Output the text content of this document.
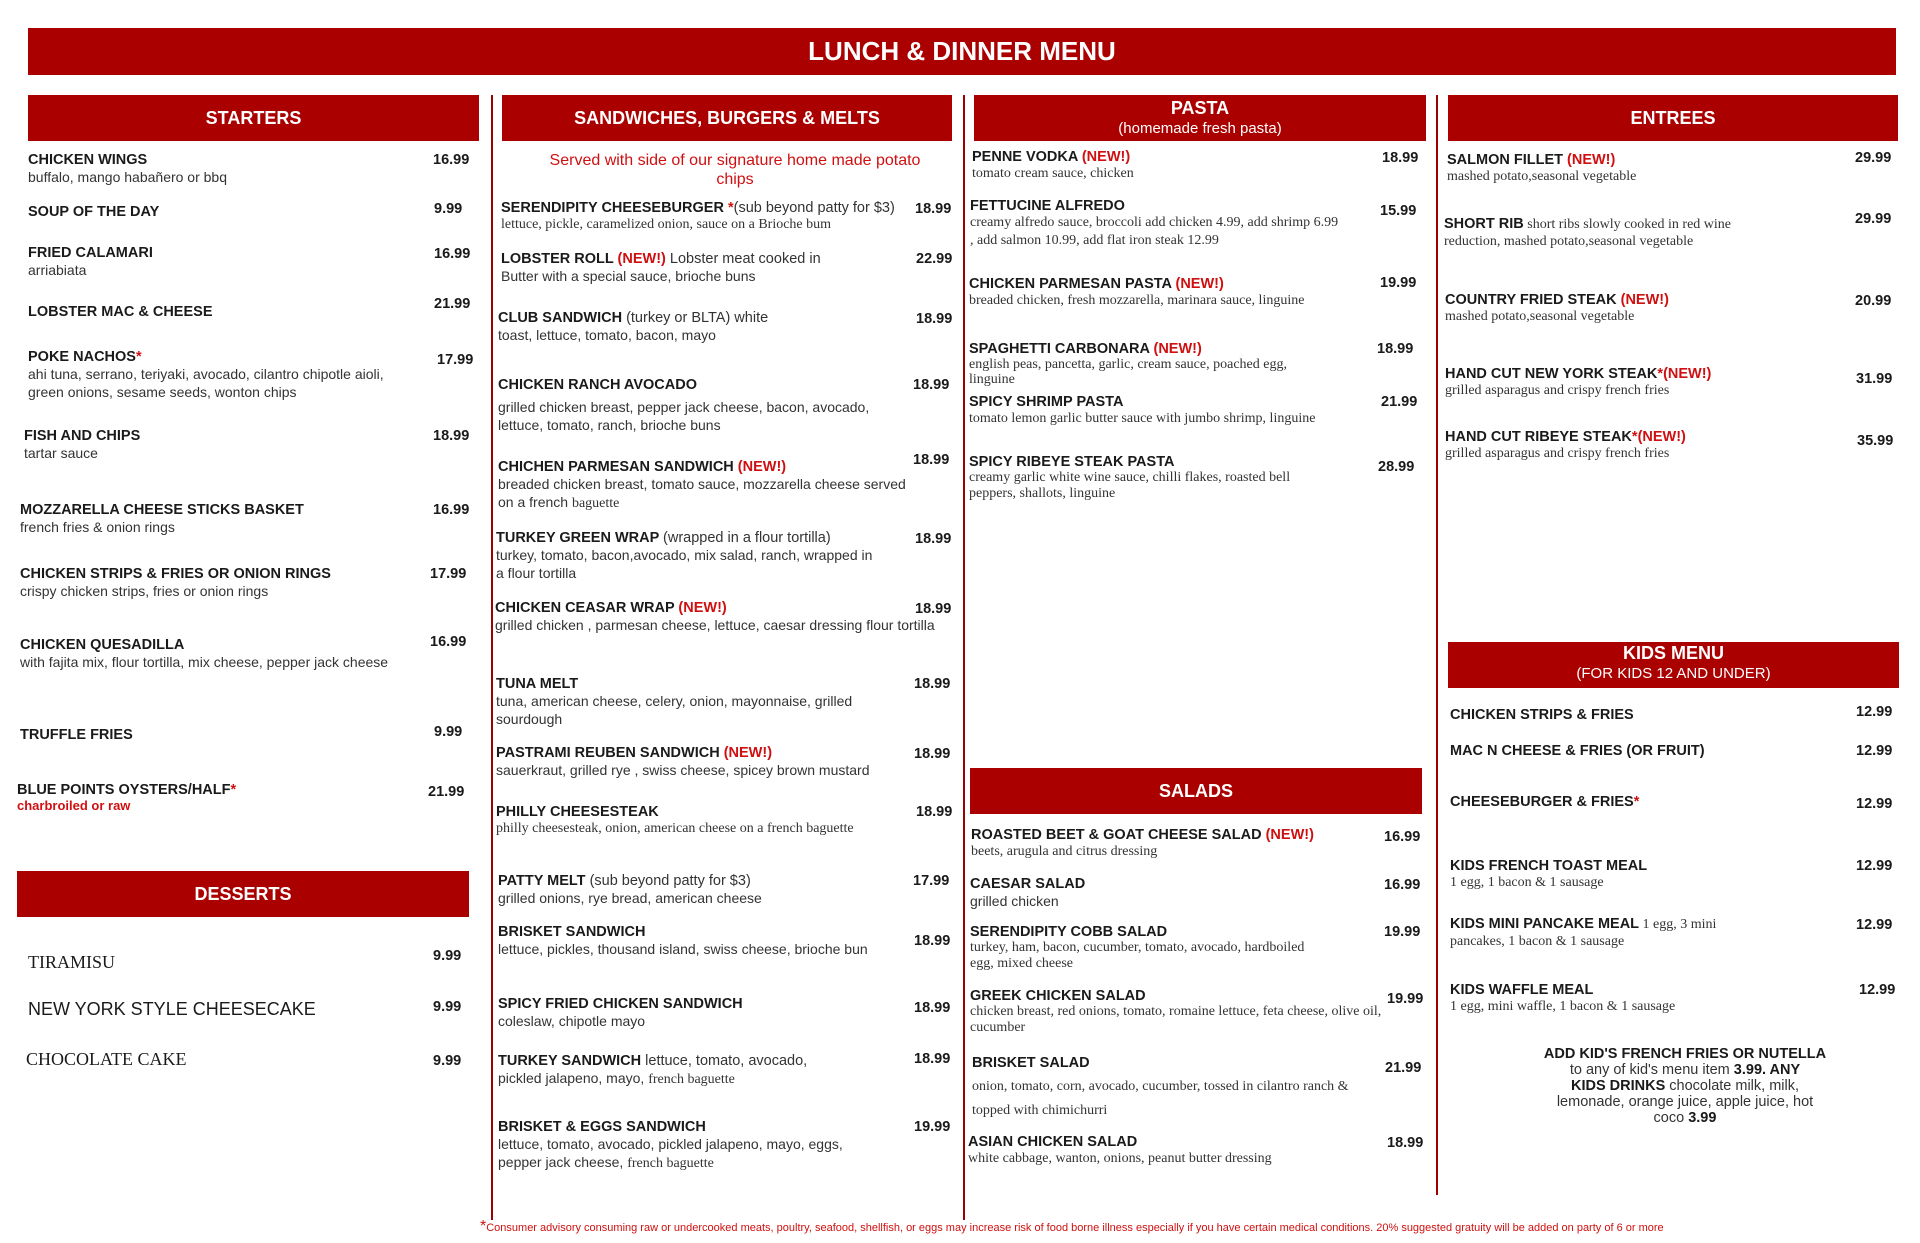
LUNCH & DINNER MENU
STARTERS	SANDWICHES, BURGERS & MELTS	PASTA
(homemade fresh pasta)
ENTREES
DESSERTS
SALADS
KIDS MENU
(FOR KIDS 12 AND UNDER)
CHICKEN WINGS
buffalo, mango habañero or bbq
16.99
SOUP OF THE DAY	9.99
FRIED CALAMARI
arriabiata
16.99
LOBSTER MAC & CHEESE	21.99
POKE NACHOS*
ahi tuna, serrano, teriyaki, avocado, cilantro chipotle aioli, green onions, sesame seeds, wonton chips
17.99
FISH AND CHIPS
tartar sauce
18.99
MOZZARELLA CHEESE STICKS BASKET
french fries & onion rings
16.99
CHICKEN STRIPS & FRIES OR ONION RINGS
crispy chicken strips, fries or onion rings
17.99
CHICKEN QUESADILLA
with fajita mix, flour tortilla, mix cheese, pepper jack cheese
16.99
TRUFFLE FRIES	9.99
BLUE POINTS OYSTERS/HALF*
charbroiled or raw
21.99
TIRAMISU	9.99
NEW YORK STYLE CHEESECAKE	9.99
CHOCOLATE CAKE	9.99
Served with side of our signature home made potato chips
SERENDIPITY CHEESEBURGER *(sub beyond patty for $3)
lettuce, pickle, caramelized onion, sauce on a Brioche bum
18.99
LOBSTER ROLL (NEW!) Lobster meat cooked in
Butter with a special sauce, brioche buns
22.99
CLUB SANDWICH (turkey or BLTA) white
toast, lettuce, tomato, bacon, mayo
18.99
CHICKEN RANCH AVOCADO
grilled chicken breast, pepper jack cheese, bacon, avocado, lettuce, tomato, ranch, brioche buns
18.99
CHICHEN PARMESAN SANDWICH (NEW!)
breaded chicken breast, tomato sauce, mozzarella cheese served on a french baguette
18.99
TURKEY GREEN WRAP (wrapped in a flour tortilla)
turkey, tomato, bacon,avocado, mix salad, ranch, wrapped in a flour tortilla
18.99
CHICKEN CEASAR WRAP (NEW!)
grilled chicken , parmesan cheese, lettuce, caesar dressing flour tortilla
18.99
TUNA MELT
tuna, american cheese, celery, onion, mayonnaise, grilled sourdough
18.99
PASTRAMI REUBEN SANDWICH (NEW!)
sauerkraut, grilled rye , swiss cheese, spicey brown mustard
18.99
PHILLY CHEESESTEAK
philly cheesesteak, onion, american cheese on a french baguette
18.99
PATTY MELT (sub beyond patty for $3)
grilled onions, rye bread, american cheese
17.99
BRISKET SANDWICH
lettuce, pickles, thousand island, swiss cheese, brioche bun	18.99
SPICY FRIED CHICKEN SANDWICH
coleslaw, chipotle mayo
18.99
TURKEY SANDWICH lettuce, tomato, avocado,
pickled jalapeno, mayo, french baguette
18.99
BRISKET & EGGS SANDWICH
lettuce, tomato, avocado, pickled jalapeno, mayo, eggs, pepper jack cheese, french baguette
19.99
PENNE VODKA (NEW!)
tomato cream sauce, chicken
18.99
FETTUCINE ALFREDO
creamy alfredo sauce, broccoli add chicken 4.99, add shrimp 6.99 , add salmon 10.99, add flat iron steak 12.99
15.99
CHICKEN PARMESAN PASTA (NEW!)
breaded chicken, fresh mozzarella, marinara sauce, linguine
19.99
SPAGHETTI CARBONARA (NEW!)
english peas, pancetta, garlic, cream sauce, poached egg, linguine
18.99
SPICY SHRIMP PASTA
tomato lemon garlic butter sauce with jumbo shrimp, linguine
21.99
SPICY RIBEYE STEAK PASTA
creamy garlic white wine sauce, chilli flakes, roasted bell peppers, shallots, linguine
28.99
ROASTED BEET & GOAT CHEESE SALAD (NEW!)
beets, arugula and citrus dressing
16.99
CAESAR SALAD
grilled chicken
16.99
SERENDIPITY COBB SALAD
turkey, ham, bacon, cucumber, tomato, avocado, hardboiled egg, mixed cheese
19.99
GREEK CHICKEN SALAD
chicken breast, red onions, tomato, romaine lettuce, feta cheese, olive oil, cucumber
19.99
BRISKET SALAD
onion, tomato, corn, avocado, cucumber, tossed in cilantro ranch & topped with chimichurri
21.99
ASIAN CHICKEN SALAD
white cabbage, wanton, onions, peanut butter dressing
18.99
SALMON FILLET (NEW!)
mashed potato,seasonal vegetable
29.99
SHORT RIB short ribs slowly cooked in red wine
reduction, mashed potato,seasonal vegetable
29.99
COUNTRY FRIED STEAK (NEW!)
mashed potato,seasonal vegetable
20.99
HAND CUT NEW YORK STEAK*(NEW!)
grilled asparagus and crispy french fries
31.99
HAND CUT RIBEYE STEAK*(NEW!)
grilled asparagus and crispy french fries
35.99
CHICKEN STRIPS & FRIES	12.99
MAC N CHEESE & FRIES (OR FRUIT)	12.99
CHEESEBURGER & FRIES*	12.99
KIDS FRENCH TOAST MEAL
1 egg, 1 bacon & 1 sausage
12.99
KIDS MINI PANCAKE MEAL 1 egg, 3 mini
pancakes, 1 bacon & 1 sausage
12.99
KIDS WAFFLE MEAL
1 egg, mini waffle, 1 bacon & 1 sausage
12.99
ADD KID'S FRENCH FRIES OR NUTELLA
to any of kid's menu item 3.99. ANY
KIDS DRINKS chocolate milk, milk, lemonade, orange juice, apple juice, hot coco 3.99
*Consumer advisory consuming raw or undercooked meats, poultry, seafood, shellfish, or eggs may increase risk of food borne illness especially if you have certain medical conditions. 20% suggested gratuity will be added on party of 6 or more
